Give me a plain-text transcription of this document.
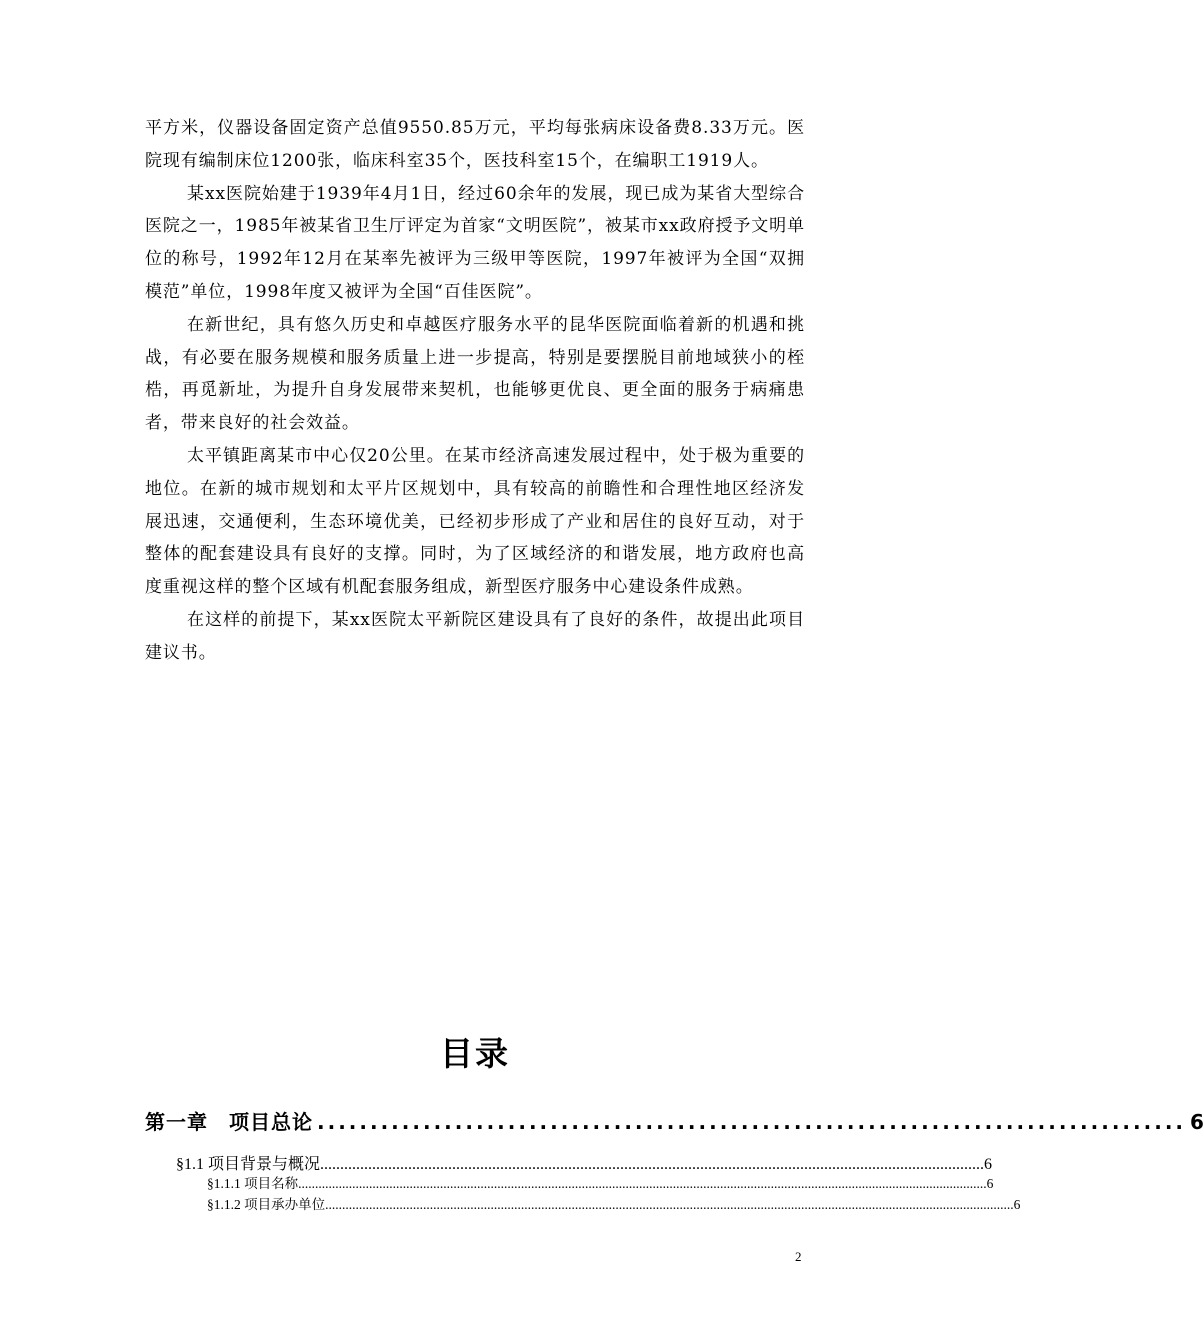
平方米，仪器设备固定资产总值9550.85万元，平均每张病床设备费8.33万元。医院现有编制床位1200张，临床科室35个，医技科室15个，在编职工1919人。

某xx医院始建于1939年4月1日，经过60余年的发展，现已成为某省大型综合医院之一，1985年被某省卫生厅评定为首家“文明医院”，被某市xx政府授予文明单位的称号，1992年12月在某率先被评为三级甲等医院，1997年被评为全国“双拥模范”单位，1998年度又被评为全国“百佳医院”。

在新世纪，具有悠久历史和卓越医疗服务水平的昆华医院面临着新的机遇和挑战，有必要在服务规模和服务质量上进一步提高，特别是要摆脱目前地域狭小的桎梏，再觅新址，为提升自身发展带来契机，也能够更优良、更全面的服务于病痛患者，带来良好的社会效益。

太平镇距离某市中心仅20公里。在某市经济高速发展过程中，处于极为重要的地位。在新的城市规划和太平片区规划中，具有较高的前瞻性和合理性地区经济发展迅速，交通便利，生态环境优美，已经初步形成了产业和居住的良好互动，对于整体的配套建设具有良好的支撑。同时，为了区域经济的和谐发展，地方政府也高度重视这样的整个区域有机配套服务组成，新型医疗服务中心建设条件成熟。

在这样的前提下，某xx医院太平新院区建设具有了良好的条件，故提出此项目建议书。

目录
第一章　项目总论 .................................................................................. 6
§1.1 项目背景与概况 ...................................................................................................................................................................... 6
§1.1.1 项目名称 ............................................................................................................................................................................................................ 6
§1.1.2 项目承办单位 ............................................................................................................................................................................................................ 6
2
